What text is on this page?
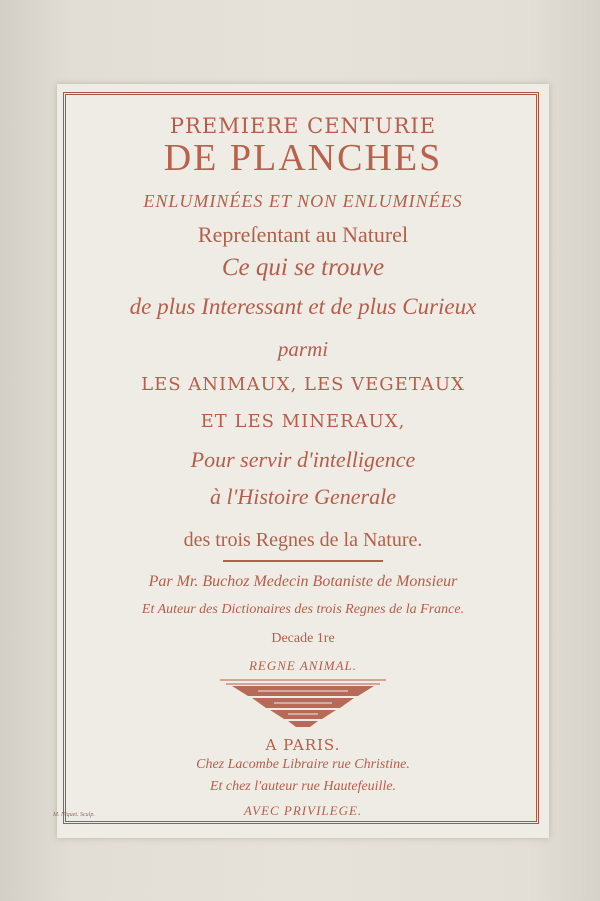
PREMIERE CENTURIE
DE PLANCHES
ENLUMINÉES ET NON ENLUMINÉES
Repreſentant au Naturel
Ce qui se trouve
de plus Interessant et de plus Curieux
parmi
LES ANIMAUX, LES VEGETAUX
ET LES MINERAUX,
Pour servir d'intelligence
à l'Histoire Generale
des trois Regnes de la Nature.
Par Mr. Buchoz Medecin Botaniste de Monsieur
Et Auteur des Dictionaires des trois Regnes de la France.
Decade 1re
REGNE ANIMAL.
A PARIS.
Chez Lacombe Libraire rue Christine.
Et chez l'auteur rue Hautefeuille.
AVEC PRIVILEGE.
M. Niquet. Sculp.
